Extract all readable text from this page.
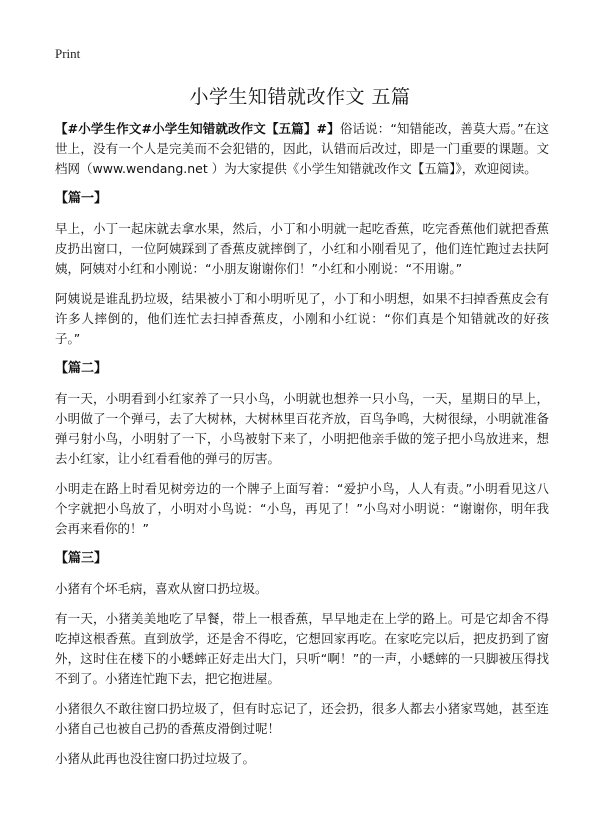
Print
小学生知错就改作文 五篇

【#小学生作文#小学生知错就改作文【五篇】#】俗话说：“知错能改，善莫大焉。”在这世上，没有一个人是完美而不会犯错的，因此，认错而后改过，即是一门重要的课题。文档网（www.wendang.net ）为大家提供《小学生知错就改作文【五篇】》，欢迎阅读。

【篇一】

早上，小丁一起床就去拿水果，然后，小丁和小明就一起吃香蕉，吃完香蕉他们就把香蕉皮扔出窗口，一位阿姨踩到了香蕉皮就摔倒了，小红和小刚看见了，他们连忙跑过去扶阿姨，阿姨对小红和小刚说：“小朋友谢谢你们！”小红和小刚说：“不用谢。”

阿姨说是谁乱扔垃圾，结果被小丁和小明听见了，小丁和小明想，如果不扫掉香蕉皮会有许多人摔倒的，他们连忙去扫掉香蕉皮，小刚和小红说：“你们真是个知错就改的好孩子。”

【篇二】

有一天，小明看到小红家养了一只小鸟，小明就也想养一只小鸟，一天，星期日的早上，小明做了一个弹弓，去了大树林，大树林里百花齐放，百鸟争鸣，大树很绿，小明就准备弹弓射小鸟，小明射了一下，小鸟被射下来了，小明把他亲手做的笼子把小鸟放进来，想去小红家，让小红看看他的弹弓的厉害。

小明走在路上时看见树旁边的一个牌子上面写着：“爱护小鸟，人人有责。”小明看见这八个字就把小鸟放了，小明对小鸟说：“小鸟，再见了！”小鸟对小明说：“谢谢你，明年我会再来看你的！”

【篇三】

小猪有个坏毛病，喜欢从窗口扔垃圾。

有一天，小猪美美地吃了早餐，带上一根香蕉，早早地走在上学的路上。可是它却舍不得吃掉这根香蕉。直到放学，还是舍不得吃，它想回家再吃。在家吃完以后，把皮扔到了窗外，这时住在楼下的小蟋蟀正好走出大门，只听“啊！”的一声，小蟋蟀的一只脚被压得找不到了。小猪连忙跑下去，把它抱进屋。

小猪很久不敢往窗口扔垃圾了，但有时忘记了，还会扔，很多人都去小猪家骂她，甚至连小猪自己也被自己扔的香蕉皮滑倒过呢！

小猪从此再也没往窗口扔过垃圾了。
